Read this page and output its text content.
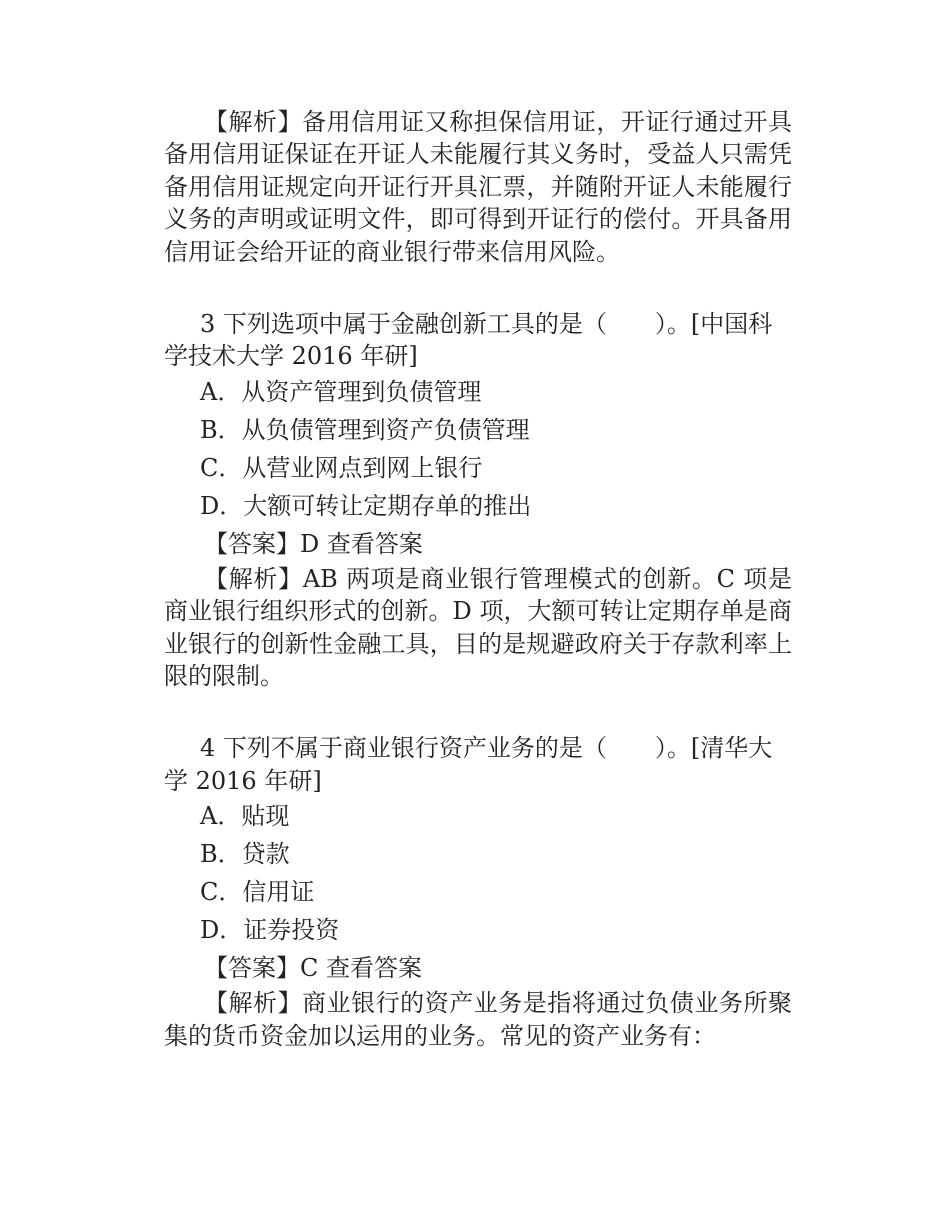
【解析】备用信用证又称担保信用证，开证行通过开具备用信用证保证在开证人未能履行其义务时，受益人只需凭备用信用证规定向开证行开具汇票，并随附开证人未能履行义务的声明或证明文件，即可得到开证行的偿付。开具备用信用证会给开证的商业银行带来信用风险。

3 下列选项中属于金融创新工具的是（　　）。[中国科学技术大学 2016 年研]

A．从资产管理到负债管理

B．从负债管理到资产负债管理

C．从营业网点到网上银行

D．大额可转让定期存单的推出

【答案】D 查看答案

【解析】AB 两项是商业银行管理模式的创新。C 项是商业银行组织形式的创新。D 项，大额可转让定期存单是商业银行的创新性金融工具，目的是规避政府关于存款利率上限的限制。

4 下列不属于商业银行资产业务的是（　　）。[清华大学 2016 年研]

A．贴现

B．贷款

C．信用证

D．证券投资

【答案】C 查看答案

【解析】商业银行的资产业务是指将通过负债业务所聚集的货币资金加以运用的业务。常见的资产业务有：
